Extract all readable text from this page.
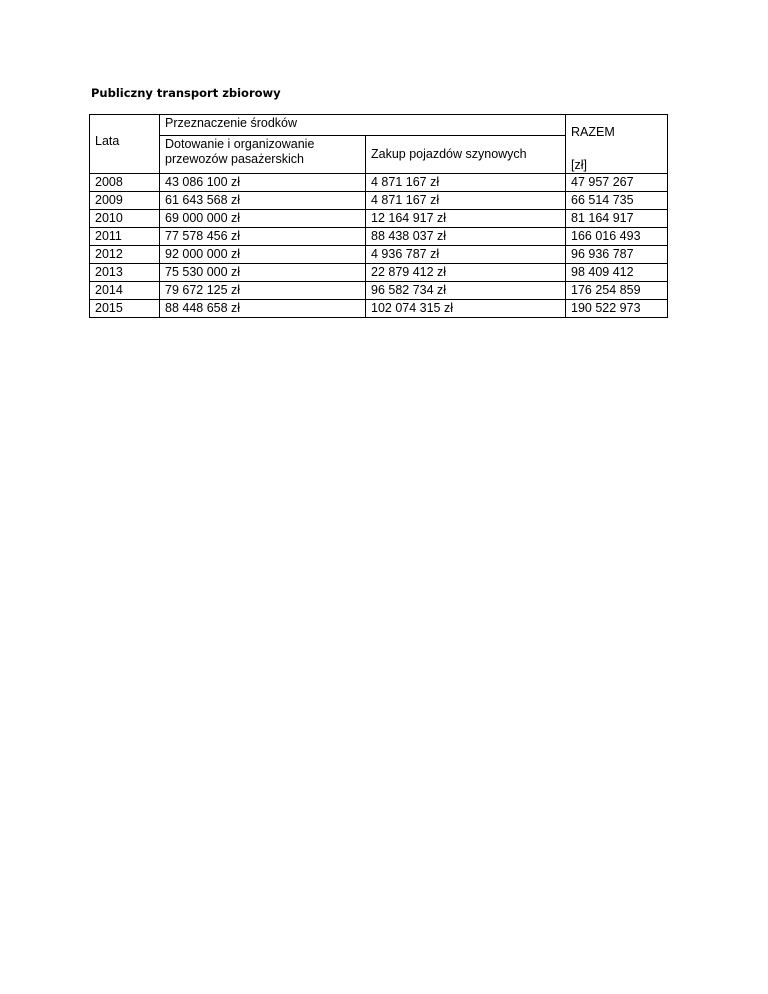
Publiczny transport zbiorowy
Lata	Przeznaczenie środków		RAZEM
[zł]

	Dotowanie i organizowanie przewozów pasażerskich	Zakup pojazdów szynowych	
2008	43 086 100 zł	4 871 167 zł	47 957 267
2009	61 643 568 zł	4 871 167 zł	66 514 735
2010	69 000 000 zł	12 164 917 zł	81 164 917
2011	77 578 456 zł	88 438 037 zł	166 016 493
2012	92 000 000 zł	4 936 787 zł	96 936 787
2013	75 530 000 zł	22 879 412 zł	98 409 412
2014	79 672 125 zł	96 582 734 zł	176 254 859
2015	88 448 658 zł	102 074 315 zł	190 522 973
